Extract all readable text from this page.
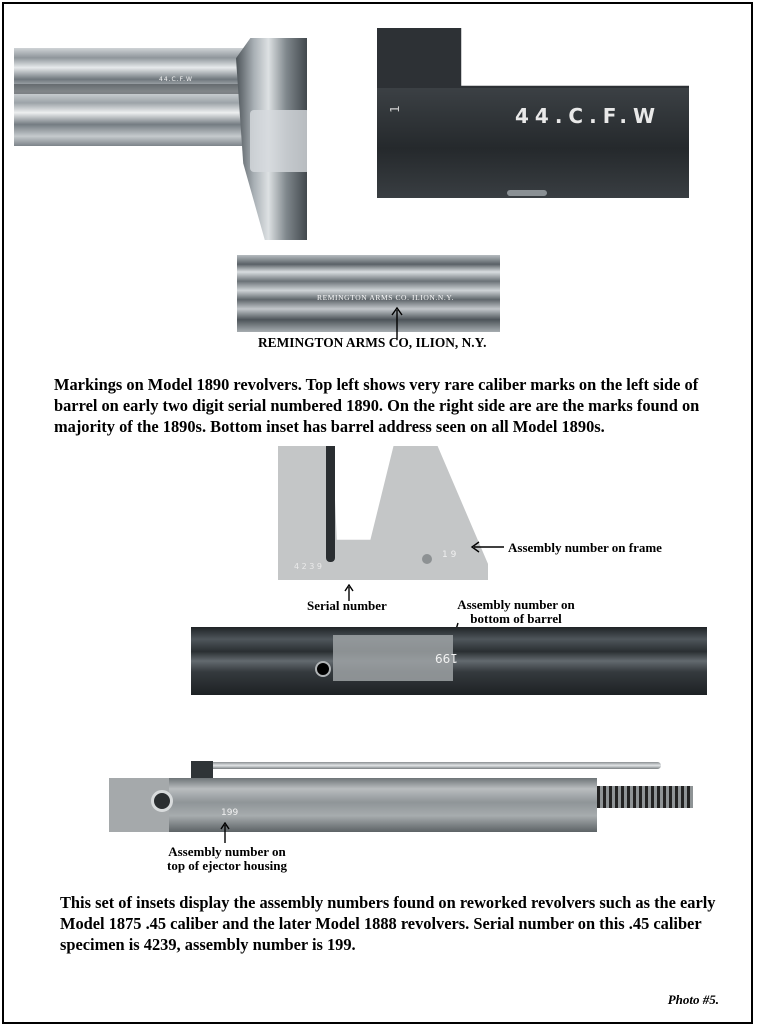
44.C.F.W
1	44.C.F.W
REMINGTON ARMS CO. ILION.N.Y.
REMINGTON ARMS CO, ILION, N.Y.
Markings on Model 1890 revolvers. Top left shows very rare caliber marks on the left side of barrel on early two digit serial numbered 1890. On the right side are are the marks found on majority of the 1890s. Bottom inset has barrel address seen on all Model 1890s.
1 9
4 2 3 9
Assembly number on frame
Serial number	Assembly number on bottom of barrel
199
199
Assembly number on top of ejector housing
This set of insets display the assembly numbers found on reworked revolvers such as the early Model 1875 .45 caliber and the later Model 1888 revolvers. Serial number on this .45 caliber specimen is 4239, assembly number is 199.
Photo #5.
